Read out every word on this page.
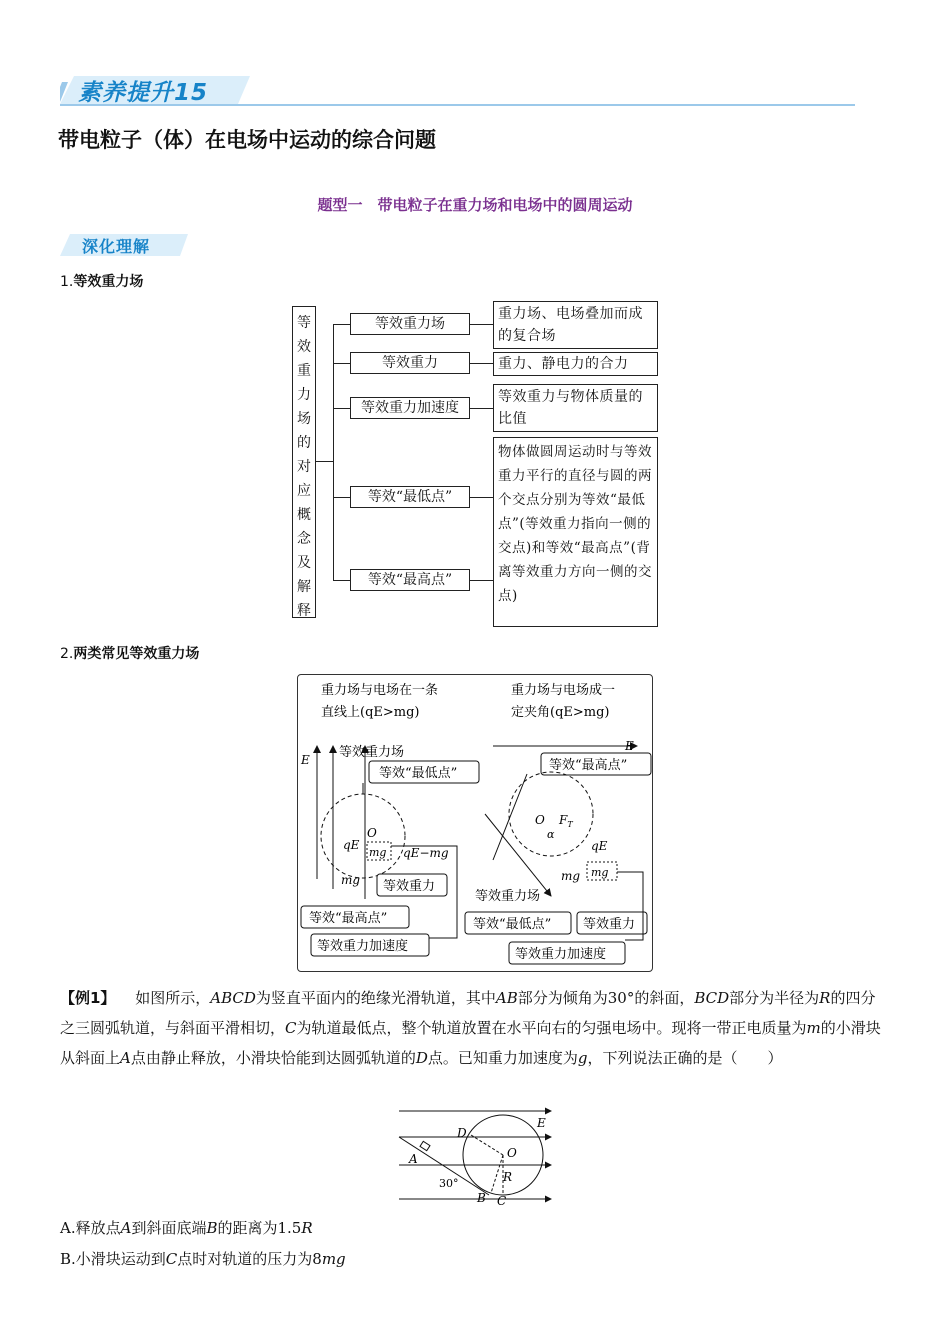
素养提升15
带电粒子（体）在电场中运动的综合问题
题型一　带电粒子在重力场和电场中的圆周运动
深化理解
1.等效重力场
等
效
重
力
场
的
对
应
概
念
及
解
释
等效重力场
等效重力
等效重力加速度
等效“最低点”
等效“最高点”
重力场、电场叠加而成的复合场
重力、静电力的合力
等效重力与物体质量的比值
物体做圆周运动时与等效重力平行的直径与圆的两个交点分别为等效“最低点”(等效重力指向一侧的交点)和等效“最高点”(背离等效重力方向一侧的交点)
2.两类常见等效重力场
重力场与电场在一条
直线上(qE>mg)
重力场与电场成一
定夹角(qE>mg)
E 等效重力场
等效“最低点”
O
qE
mg qE−mg
mg 等效重力
等效“最高点”
等效重力加速度
E
等效“最高点”
O $F_T$
α
qE
mg mg
等效重力场
等效“最低点” 等效重力
等效重力加速度
【例1】  如图所示，ABCD为竖直平面内的绝缘光滑轨道，其中AB部分为倾角为30°的斜面，BCD部分为半径为R的四分之三圆弧轨道，与斜面平滑相切，C为轨道最低点，整个轨道放置在水平向右的匀强电场中。现将一带正电质量为m的小滑块从斜面上A点由静止释放，小滑块恰能到达圆弧轨道的D点。已知重力加速度为g，下列说法正确的是（　　）
E
D
O
A
R
30°
B C
A.释放点A到斜面底端B的距离为1.5R
B.小滑块运动到C点时对轨道的压力为8mg
